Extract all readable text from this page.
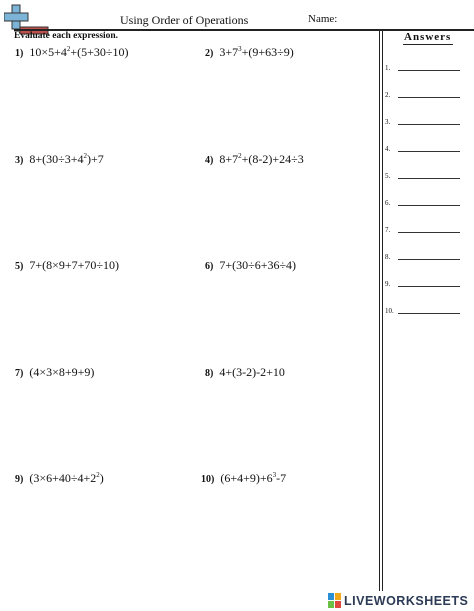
Using Order of Operations	Name:
Evaluate each expression.
1) $10\times 5+4^2+(5+30\div 10)$	2) $3+7^3+(9+63\div 9)$
3) $8+(30\div 3+4^2)+7$	4) $8+7^2+(8-2)+24\div 3$
5) 7+(8×9+7+70÷10)	6) 7+(30÷6+36÷4)
7) (4×3×8+9+9)	8) 4+(3-2)-2+10
9) $(3\times 6+40\div 4+2^2)$	10) $(6+4+9)+6^3-7$
Answers
1.
2.
3.
4.
5.
6.
7.
8.
9.
10.
LIVEWORKSHEETS
